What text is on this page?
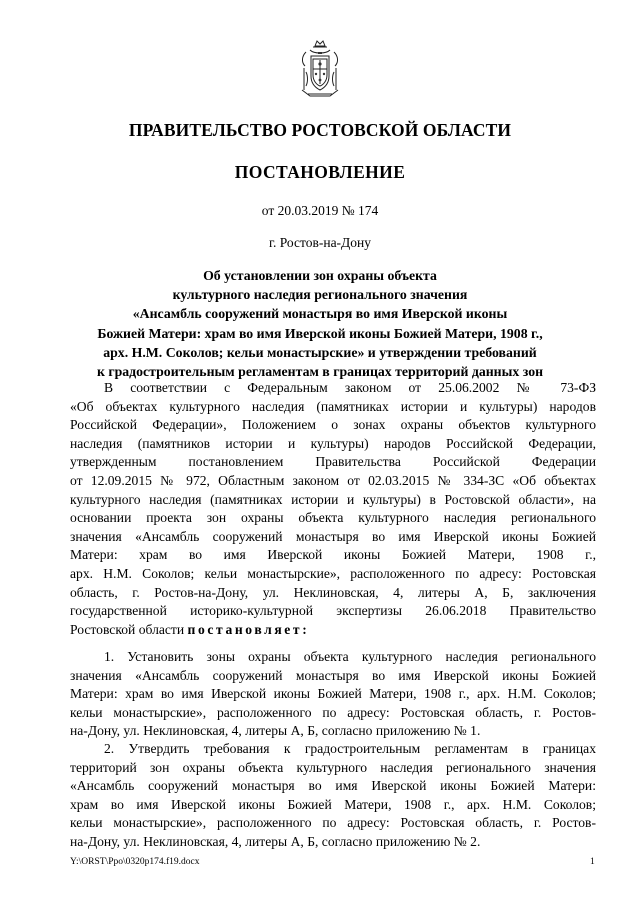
ПРАВИТЕЛЬСТВО РОСТОВСКОЙ ОБЛАСТИ
ПОСТАНОВЛЕНИЕ
от 20.03.2019 № 174
г. Ростов-на-Дону
Об установлении зон охраны объекта
культурного наследия регионального значения
«Ансамбль сооружений монастыря во имя Иверской иконы
Божией Матери: храм во имя Иверской иконы Божией Матери, 1908 г.,
арх. Н.М. Соколов; кельи монастырские» и утверждении требований
к градостроительным регламентам в границах территорий данных зон
В соответствии с Федеральным законом от 25.06.2002 № 73-ФЗ
«Об объектах культурного наследия (памятниках истории и культуры) народов
Российской Федерации», Положением о зонах охраны объектов культурного
наследия (памятников истории и культуры) народов Российской Федерации,
утвержденным постановлением Правительства Российской Федерации
от 12.09.2015 № 972, Областным законом от 02.03.2015 № 334-ЗС «Об объектах
культурного наследия (памятниках истории и культуры) в Ростовской области», на
основании проекта зон охраны объекта культурного наследия регионального
значения «Ансамбль сооружений монастыря во имя Иверской иконы Божией
Матери: храм во имя Иверской иконы Божией Матери, 1908 г.,
арх. Н.М. Соколов; кельи монастырские», расположенного по адресу: Ростовская
область, г. Ростов-на-Дону, ул. Неклиновская, 4, литеры А, Б, заключения
государственной историко-культурной экспертизы 26.06.2018 Правительство
Ростовской области постановляет:
1. Установить зоны охраны объекта культурного наследия регионального
значения «Ансамбль сооружений монастыря во имя Иверской иконы Божией
Матери: храм во имя Иверской иконы Божией Матери, 1908 г., арх. Н.М. Соколов;
кельи монастырские», расположенного по адресу: Ростовская область, г. Ростов-
на-Дону, ул. Неклиновская, 4, литеры А, Б, согласно приложению № 1.
2. Утвердить требования к градостроительным регламентам в границах
территорий зон охраны объекта культурного наследия регионального значения
«Ансамбль сооружений монастыря во имя Иверской иконы Божией Матери:
храм во имя Иверской иконы Божией Матери, 1908 г., арх. Н.М. Соколов;
кельи монастырские», расположенного по адресу: Ростовская область, г. Ростов-
на-Дону, ул. Неклиновская, 4, литеры А, Б, согласно приложению № 2.
Y:\ORST\Ppo\0320p174.f19.docx	1
